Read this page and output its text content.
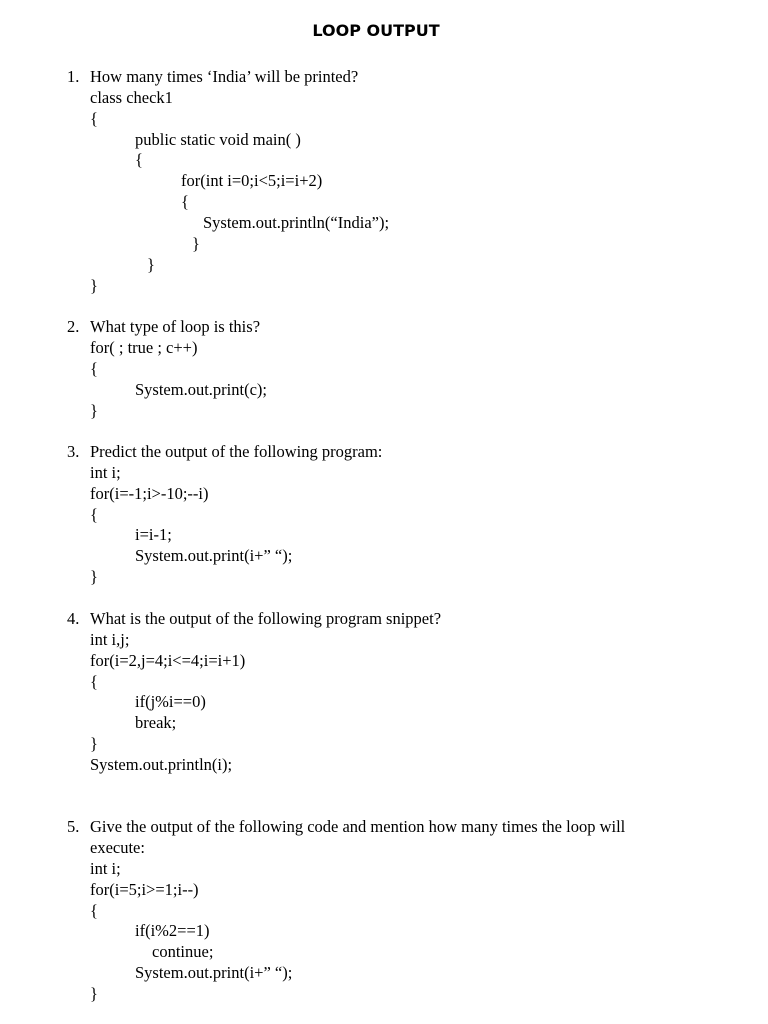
LOOP OUTPUT
1. How many times ‘India’ will be printed?
class check1
{
public static void main( )
{
for(int i=0;i<5;i=i+2)
{
System.out.println(“India”);
}
}
}
2. What type of loop is this?
for( ; true ; c++)
{
System.out.print(c);
}
3. Predict the output of the following program:
int i;
for(i=-1;i>-10;--i)
{
i=i-1;
System.out.print(i+” “);
}
4. What is the output of the following program snippet?
int i,j;
for(i=2,j=4;i<=4;i=i+1)
{
if(j%i==0)
break;
}
System.out.println(i);
5. Give the output of the following code and mention how many times the loop will execute:
int i;
for(i=5;i>=1;i--)
{
if(i%2==1)
continue;
System.out.print(i+” “);
}
